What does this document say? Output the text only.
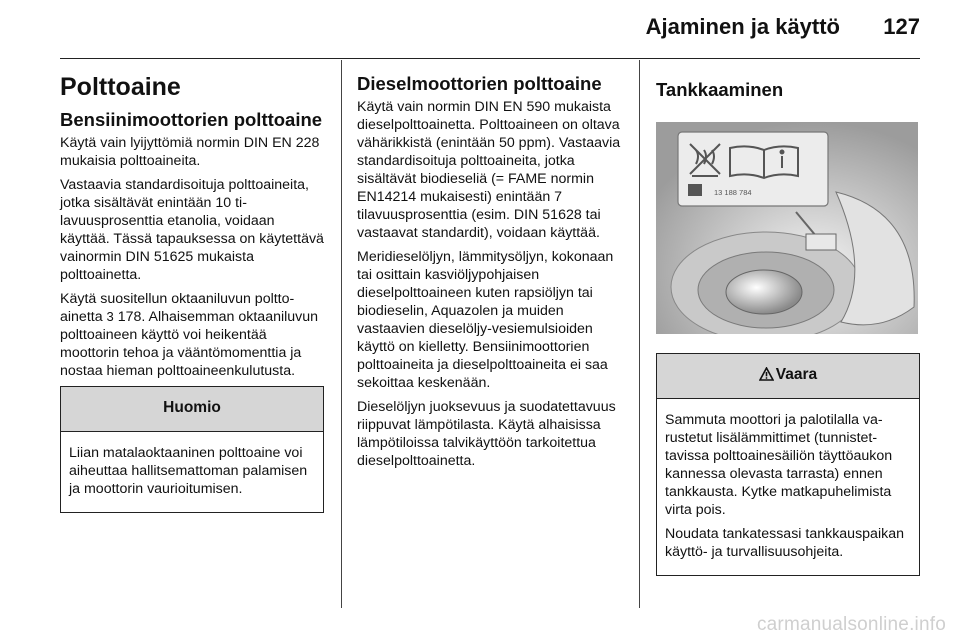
Ajaminen ja käyttö 127
Polttoaine
Bensiinimoottorien polttoaine

Käytä vain lyijyttömiä normin DIN EN 228 mukaisia polttoaineita.

Vastaavia standardisoituja polttoaineita, jotka sisältävät enintään 10 tilavuusprosenttia etanolia, voidaan käyttää. Tässä tapauksessa on käytettävä vainormin DIN 51625 mukaista polttoainetta.

Käytä suositellun oktaaniluvun polttoainetta 3 178. Alhaisemman oktaaniluvun polttoaineen käyttö voi heikentää moottorin tehoa ja vääntömomenttia ja nostaa hieman polttoaineenkulutusta.

Huomio

Liian matalaoktaaninen polttoaine voi aiheuttaa hallitsemattoman palamisen ja moottorin vaurioitumisen.

Dieselmoottorien polttoaine

Käytä vain normin DIN EN 590 mukaista dieselpolttoainetta. Polttoaineen on oltava vähärikkistä (enintään 50 ppm). Vastaavia standardisoituja polttoaineita, jotka sisältävät biodieseliä (= FAME normin EN14214 mukaisesti) enintään 7 tilavuusprosenttia (esim. DIN 51628 tai vastaavat standardit), voidaan käyttää.

Meridieselöljyn, lämmitysöljyn, kokonaan tai osittain kasviöljypohjaisen dieselpolttoaineen kuten rapsiöljyn tai biodieselin, Aquazolen ja muiden vastaavien dieselöljy-vesiemulsioiden käyttö on kielletty. Bensiinimoottorien polttoaineita ja dieselpolttoaineita ei saa sekoittaa keskenään.

Dieselöljyn juoksevuus ja suodatettavuus riippuvat lämpötilasta. Käytä alhaisissa lämpötiloissa talvikäyttöön tarkoitettua dieselpolttoainetta.

Tankkaaminen
13 188 784
Vaara

Sammuta moottori ja palotilalla varustetut lisälämmittimet (tunnistettavissa polttoainesäiliön täyttöaukon kannessa olevasta tarrasta) ennen tankkausta. Kytke matkapuhelimista virta pois.

Noudata tankatessasi tankkauspaikan käyttö- ja turvallisuusohjeita.

carmanualsonline.info
